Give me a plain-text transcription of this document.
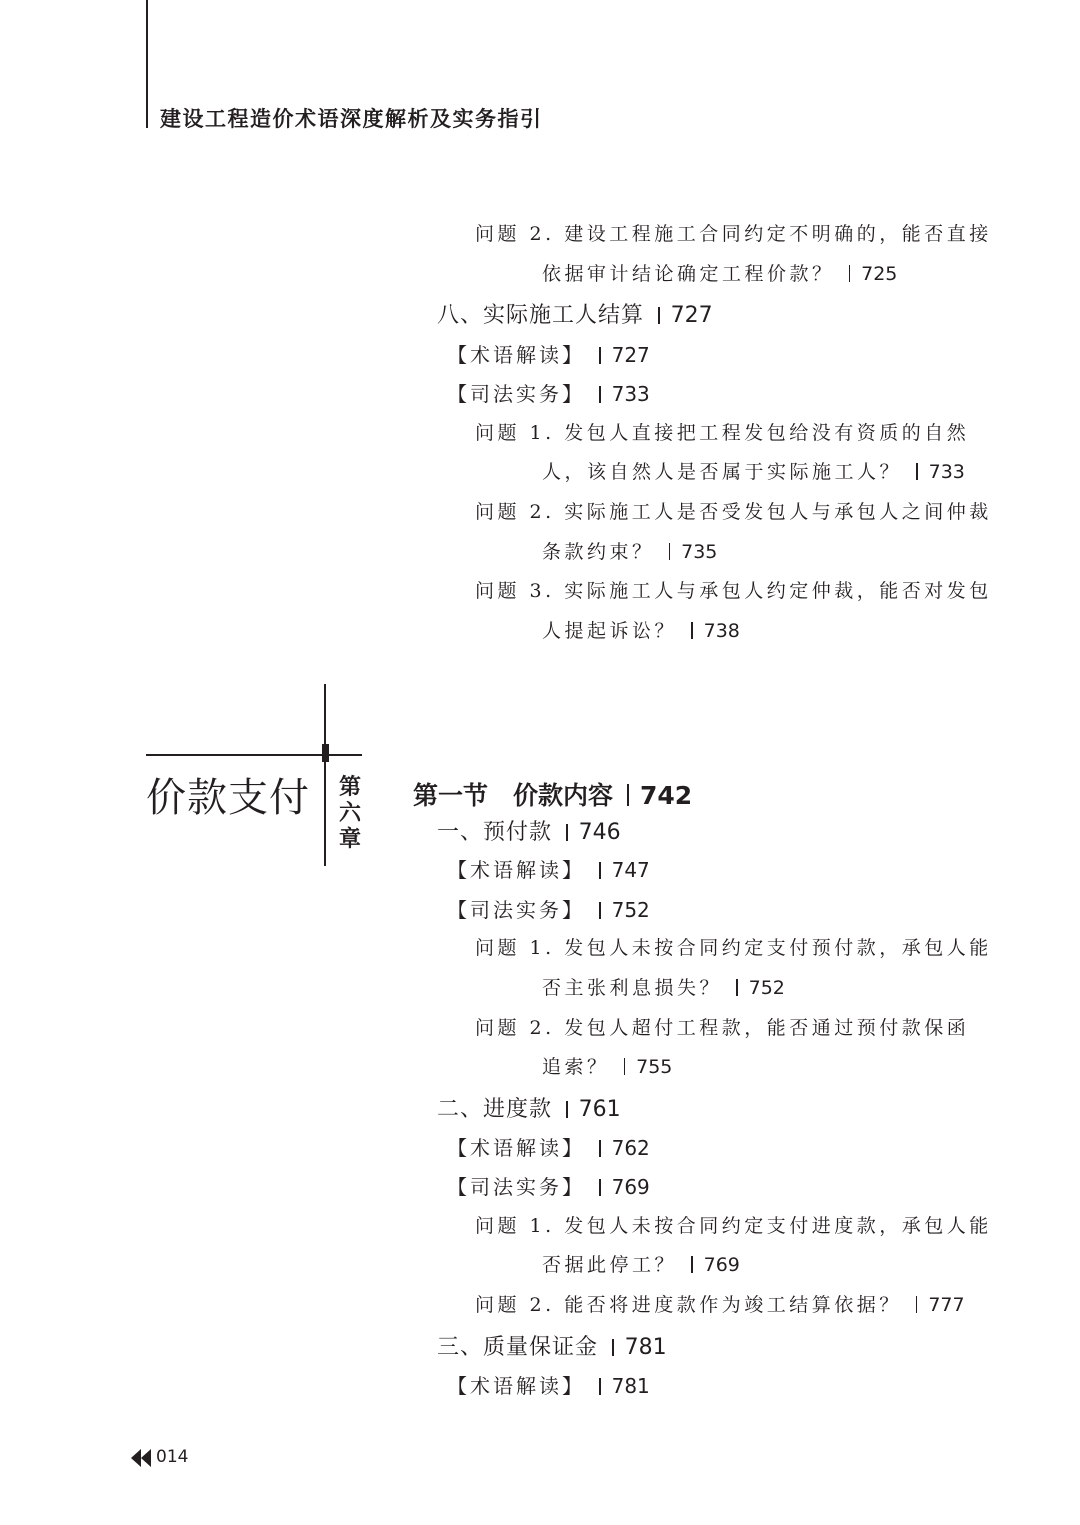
建设工程造价术语深度解析及实务指引
问题 2. 建设工程施工合同约定不明确的，能否直接
依据审计结论确定工程价款？ 725
八、实际施工人结算 727
【术语解读】 727
【司法实务】 733
问题 1. 发包人直接把工程发包给没有资质的自然
人，该自然人是否属于实际施工人？ 733
问题 2. 实际施工人是否受发包人与承包人之间仲裁
条款约束？ 735
问题 3. 实际施工人与承包人约定仲裁，能否对发包
人提起诉讼？ 738
价款支付 第六章
第一节　价款内容 742
一、预付款 746
【术语解读】 747
【司法实务】 752
问题 1. 发包人未按合同约定支付预付款，承包人能
否主张利息损失？ 752
问题 2. 发包人超付工程款，能否通过预付款保函
追索？ 755
二、进度款 761
【术语解读】 762
【司法实务】 769
问题 1. 发包人未按合同约定支付进度款，承包人能
否据此停工？ 769
问题 2. 能否将进度款作为竣工结算依据？ 777
三、质量保证金 781
【术语解读】 781
014
